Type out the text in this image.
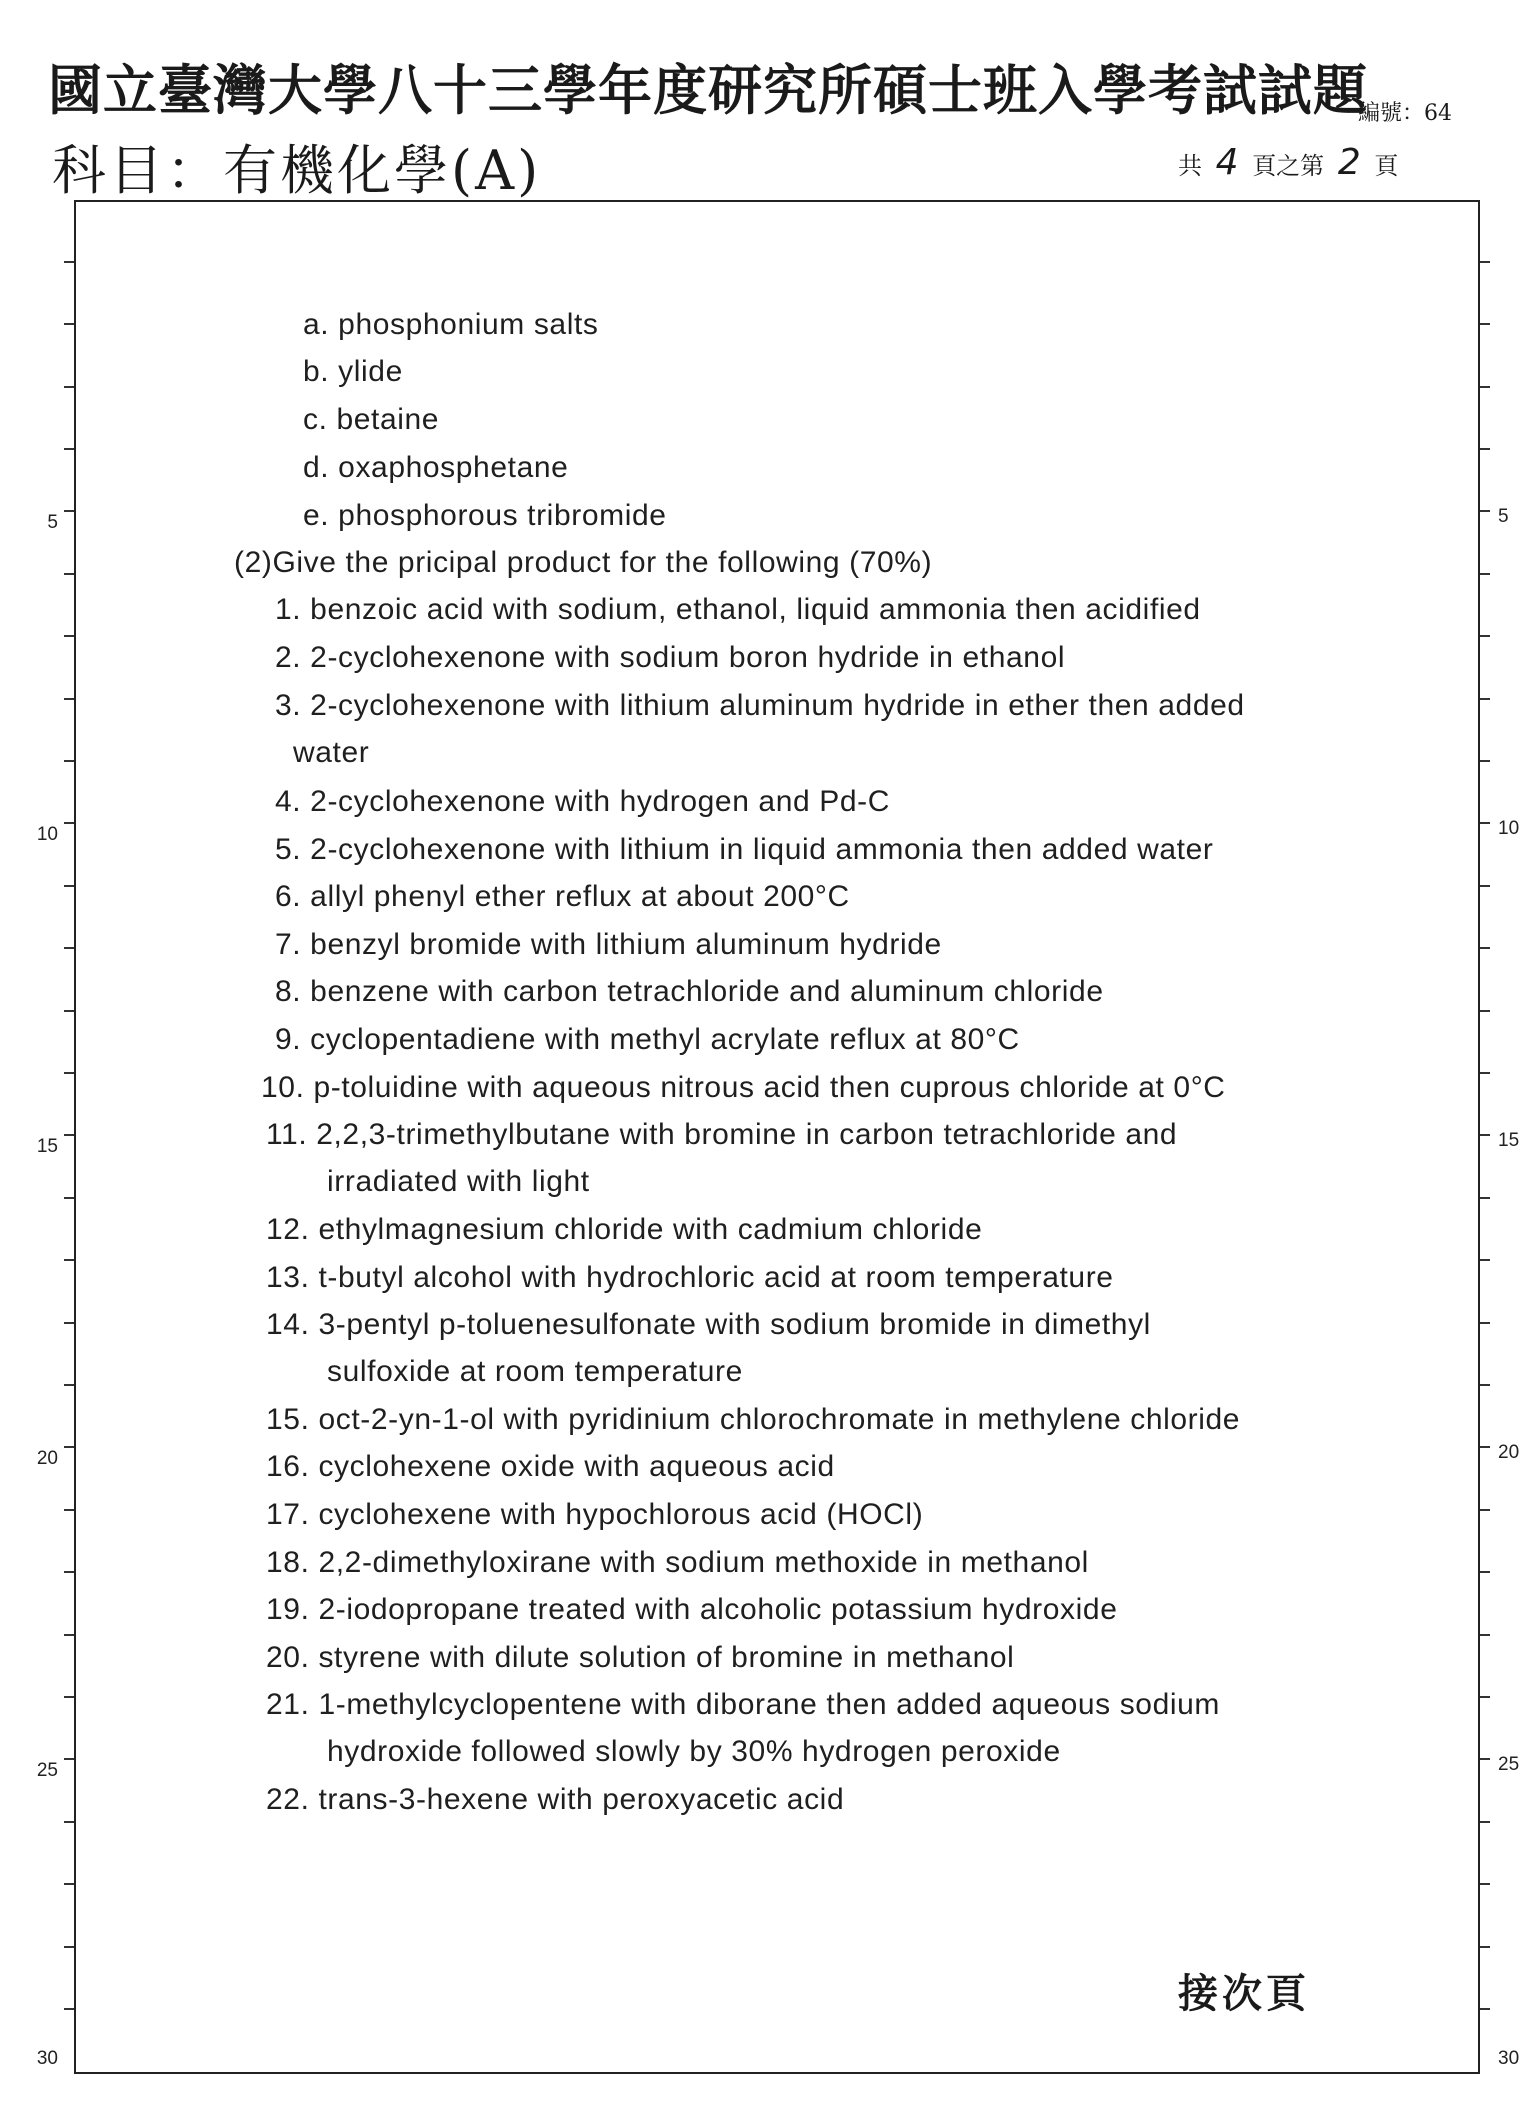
國立臺灣大學八十三學年度研究所碩士班入學考試試題
科目：有機化學(A)
編號：64
共 4 頁之第 2 頁
5
10
15
20
25
30
5
10
15
20
25
30
a. phosphonium salts
b. ylide
c. betaine
d. oxaphosphetane
e. phosphorous tribromide
(2)Give the pricipal product for the following (70%)
1. benzoic acid with sodium, ethanol, liquid ammonia then acidified
2. 2-cyclohexenone with sodium boron hydride in ethanol
3. 2-cyclohexenone with lithium aluminum hydride in ether then added
water
4. 2-cyclohexenone with hydrogen and Pd-C
5. 2-cyclohexenone with lithium in liquid ammonia then added water
6. allyl phenyl ether reflux at about 200°C
7. benzyl bromide with lithium aluminum hydride
8. benzene with carbon tetrachloride and aluminum chloride
9. cyclopentadiene with methyl acrylate reflux at 80°C
10. p-toluidine with aqueous nitrous acid then cuprous chloride at 0°C
11. 2,2,3-trimethylbutane with bromine in carbon tetrachloride and
irradiated with light
12. ethylmagnesium chloride with cadmium chloride
13. t-butyl alcohol with hydrochloric acid at room temperature
14. 3-pentyl p-toluenesulfonate with sodium bromide in dimethyl
sulfoxide at room temperature
15. oct-2-yn-1-ol with pyridinium chlorochromate in methylene chloride
16. cyclohexene oxide with aqueous acid
17. cyclohexene with hypochlorous acid (HOCl)
18. 2,2-dimethyloxirane with sodium methoxide in methanol
19. 2-iodopropane treated with alcoholic potassium hydroxide
20. styrene with dilute solution of bromine in methanol
21. 1-methylcyclopentene with diborane then added aqueous sodium
hydroxide followed slowly by 30% hydrogen peroxide
22. trans-3-hexene with peroxyacetic acid
接次頁
